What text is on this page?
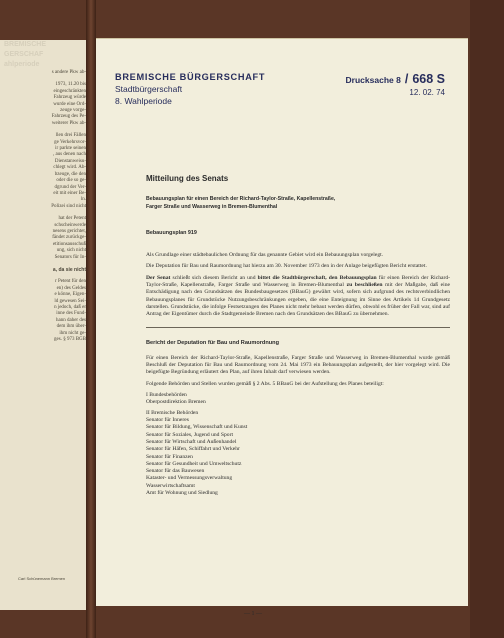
BREMISCHE
GERSCHAF
ahlperiode
s andere Pkw ab-
1973, 11.20 bis
eingeschränkten
Fahrzeug würde
wurde eine Ord-
zeuge vorge-
Fahrzeug des Pe-
weiterer Pkw ab-
llen drei Fällen
ge Verkehrsvor-
ir parkte seinen
, aus denen nach
Dienstanweisu-
chlegt wird. Ab-
bzeuge, die den
oder die so ge-
dgrund der Ver-
eit mit einer Be-
ln.
Polizei sind nicht
hat der Petent
schscheinwerde
nesens gerichtet,
fändet zurückge-
etitionsausschuß
ung, sich nicht
Senators für In-
a, da sie nicht
r Petent für den
en) des Geldes
e könne, Eigen-
ld gewesen Sei-
n jedoch, daß er
inne des Fund-
hann daher des
dem ihm über-
ihm nicht ge-
ges. § 973 BGB
Carl Schünemann Bremen
BREMISCHE BÜRGERSCHAFT
Stadtbürgerschaft
8. Wahlperiode
Drucksache 8 / 668 S
12. 02. 74
Mitteilung des Senats
Bebauungsplan für einen Bereich der Richard-Taylor-Straße, Kapellenstraße,
Farger Straße und Wasserweg in Bremen-Blumenthal
Bebauungsplan 919

Als Grundlage einer städtebaulichen Ordnung für das genannte Gebiet wird ein Bebauungsplan vorgelegt.

Die Deputation für Bau und Raumordnung hat hierzu am 30. November 1973 den in der Anlage beigefügten Bericht erstattet.

Der Senat schließt sich diesem Bericht an und bittet die Stadtbürgerschaft, den Bebauungsplan für einen Bereich der Richard-Taylor-Straße, Kapellenstraße, Farger Straße und Wasserweg in Bremen-Blumenthal zu beschließen mit der Maßgabe, daß eine Entschädigung nach den Grundsätzen des Bundesbaugesetzes (BBauG) gewährt wird, sofern sich aufgrund des rechtsverbindlichen Bebauungsplanes für Grundstücke Nutzungsbeschränkungen ergeben, die eine Enteignung im Sinne des Artikels 14 Grundgesetz darstellen. Grundstücke, die infolge Festsetzungen des Planes nicht mehr bebaut werden dürfen, obwohl es früher der Fall war, sind auf Antrag der Eigentümer durch die Stadtgemeinde Bremen nach den Grundsätzen des BBauG zu übernehmen.

Bericht der Deputation für Bau und Raumordnung

Für einen Bereich der Richard-Taylor-Straße, Kapellenstraße, Farger Straße und Wasserweg in Bremen-Blumenthal wurde gemäß Beschluß der Deputation für Bau und Raumordnung vom 24. Mai 1973 ein Bebauungsplan aufgestellt, der hier vorgelegt wird. Die beigefügte Begründung erläutert den Plan, auf ihren Inhalt darf verwiesen werden.

Folgende Behörden und Stellen wurden gemäß § 2 Abs. 5 BBauG bei der Aufstellung des Planes beteiligt:

I Bundesbehörden
Oberpostdirektion Bremen
II Bremische Behörden
Senator für Inneres
Senator für Bildung, Wissenschaft und Kunst
Senator für Soziales, Jugend und Sport
Senator für Wirtschaft und Außenhandel
Senator für Häfen, Schiffahrt und Verkehr
Senator für Finanzen
Senator für Gesundheit und Umweltschutz
Senator für das Bauwesen
Kataster- und Vermessungsverwaltung
Wasserwirtschaftsamt
Amt für Wohnung und Siedlung
— 1 —
